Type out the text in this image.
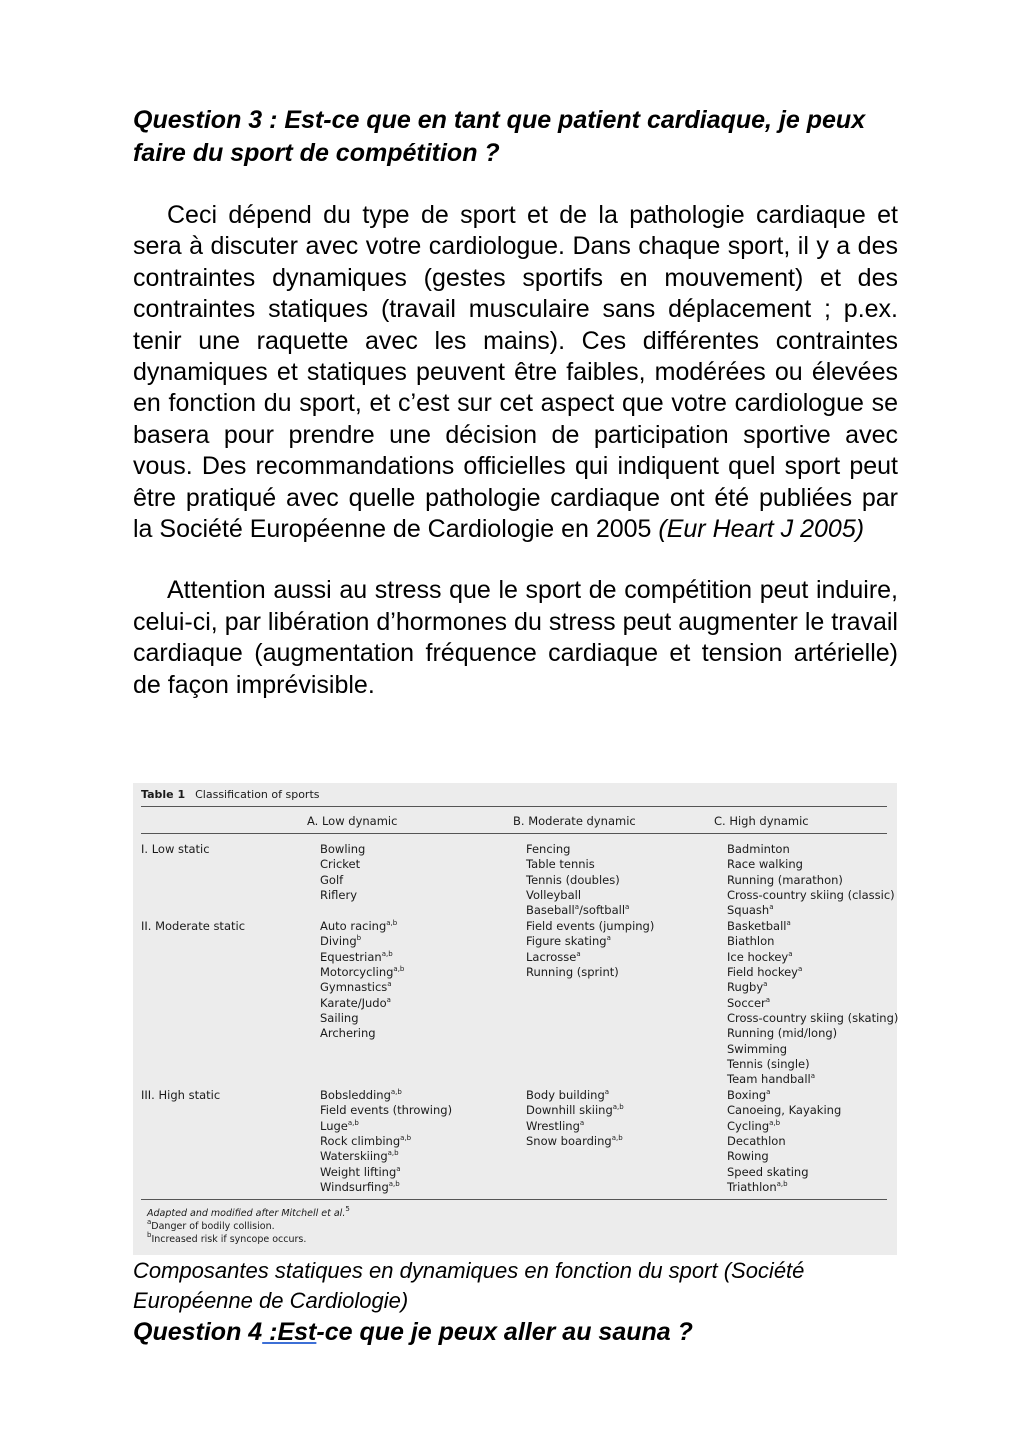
Question 3 : Est-ce que en tant que patient cardiaque, je peux faire du sport de compétition ?

Ceci dépend du type de sport et de la pathologie cardiaque et sera à discuter avec votre cardiologue. Dans chaque sport, il y a des contraintes dynamiques (gestes sportifs en mouvement) et des contraintes statiques (travail musculaire sans déplacement ; p.ex. tenir une raquette avec les mains). Ces différentes contraintes dynamiques et statiques peuvent être faibles, modérées ou élevées en fonction du sport, et c’est sur cet aspect que votre cardiologue se basera pour prendre une décision de participation sportive avec vous. Des recommandations officielles qui indiquent quel sport peut être pratiqué avec quelle pathologie cardiaque ont été publiées par la Société Européenne de Cardiologie en 2005 (Eur Heart J 2005)

Attention aussi au stress que le sport de compétition peut induire, celui-ci, par libération d’hormones du stress peut augmenter le travail cardiaque (augmentation fréquence cardiaque et tension artérielle) de façon imprévisible.

Table 1 Classification of sports
A. Low dynamic	B. Moderate dynamic	C. High dynamic
I. Low static
II. Moderate static
III. High static
Bowling
Cricket
Golf
Riflery
Fencing
Table tennis
Tennis (doubles)
Volleyball
Baseball$^a$/softball$^a$
Badminton
Race walking
Running (marathon)
Cross-country skiing (classic)
Squash$^a$
Auto racing$^{a,b}$
Diving$^b$
Equestrian$^{a,b}$
Motorcycling$^{a,b}$
Gymnastics$^a$
Karate/Judo$^a$
Sailing
Archering
Field events (jumping)
Figure skating$^a$
Lacrosse$^a$
Running (sprint)
Basketball$^a$
Biathlon
Ice hockey$^a$
Field hockey$^a$
Rugby$^a$
Soccer$^a$
Cross-country skiing (skating)
Running (mid/long)
Swimming
Tennis (single)
Team handball$^a$
Bobsledding$^{a,b}$
Field events (throwing)
Luge$^{a,b}$
Rock climbing$^{a,b}$
Waterskiing$^{a,b}$
Weight lifting$^a$
Windsurfing$^{a,b}$
Body building$^a$
Downhill skiing$^{a,b}$
Wrestling$^a$
Snow boarding$^{a,b}$
Boxing$^a$
Canoeing, Kayaking
Cycling$^{a,b}$
Decathlon
Rowing
Speed skating
Triathlon$^{a,b}$
Adapted and modified after Mitchell et al.$^5$
$^a$Danger of bodily collision.
$^b$Increased risk if syncope occurs.

Composantes statiques en dynamiques en fonction du sport (Société Européenne de Cardiologie)

Question 4 :Est-ce que je peux aller au sauna ?
